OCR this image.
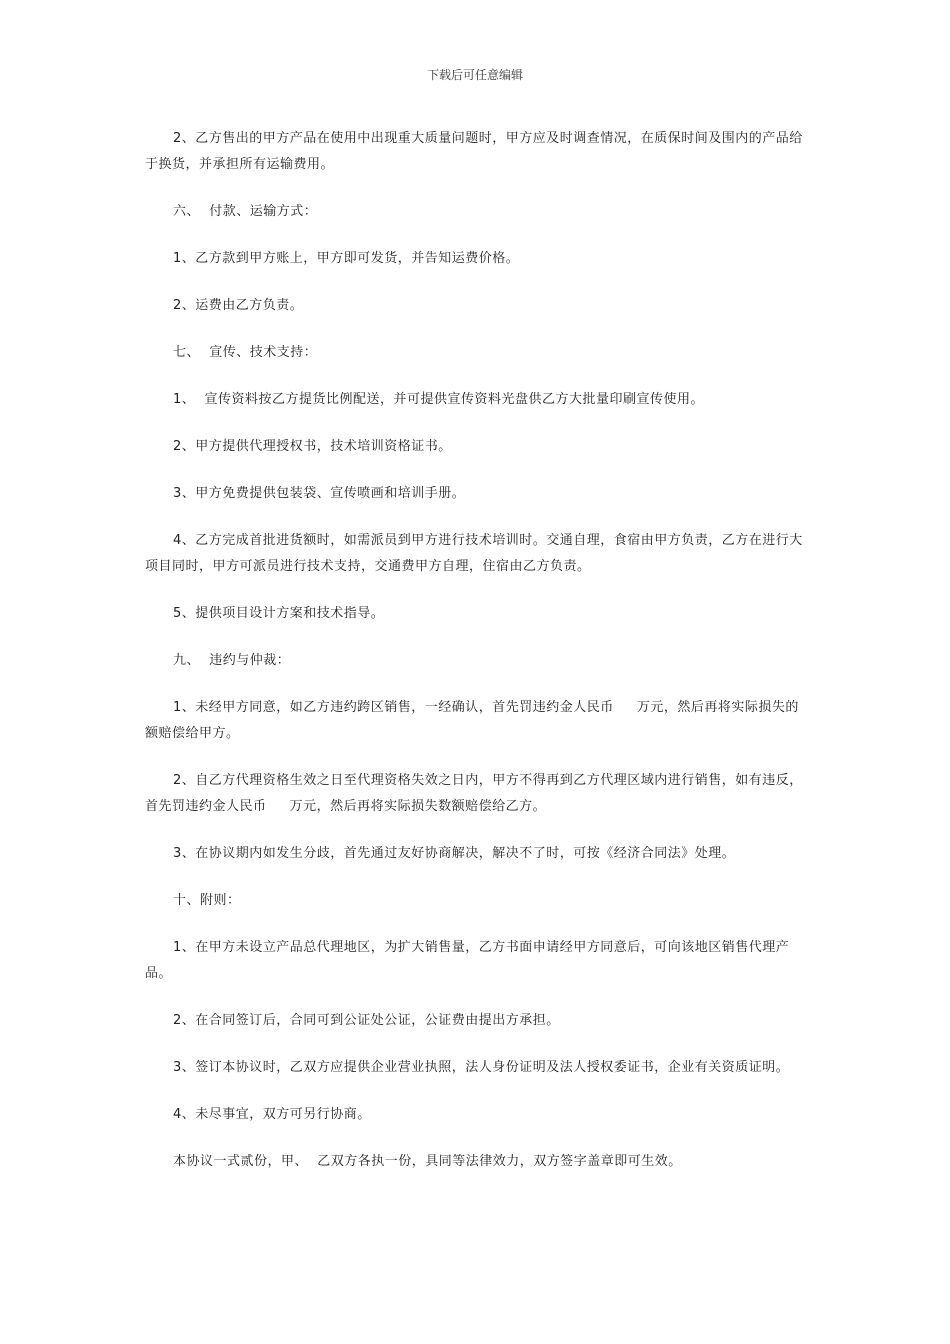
下载后可任意编辑

2、乙方售出的甲方产品在使用中出现重大质量问题时，甲方应及时调查情况，在质保时间及围内的产品给于换货，并承担所有运输费用。

六、  付款、运输方式：

1、乙方款到甲方账上，甲方即可发货，并告知运费价格。

2、运费由乙方负责。

七、  宣传、技术支持：

1、  宣传资料按乙方提货比例配送，并可提供宣传资料光盘供乙方大批量印刷宣传使用。

2、甲方提供代理授权书，技术培训资格证书。

3、甲方免费提供包装袋、宣传喷画和培训手册。

4、乙方完成首批进货额时，如需派员到甲方进行技术培训时。交通自理，食宿由甲方负责，乙方在进行大项目同时，甲方可派员进行技术支持，交通费甲方自理，住宿由乙方负责。

5、提供项目设计方案和技术指导。

九、  违约与仲裁：

1、未经甲方同意，如乙方违约跨区销售，一经确认，首先罚违约金人民币     万元，然后再将实际损失的额赔偿给甲方。

2、自乙方代理资格生效之日至代理资格失效之日内，甲方不得再到乙方代理区域内进行销售，如有违反，首先罚违约金人民币     万元，然后再将实际损失数额赔偿给乙方。

3、在协议期内如发生分歧，首先通过友好协商解决，解决不了时，可按《经济合同法》处理。

十、附则：

1、在甲方未设立产品总代理地区，为扩大销售量，乙方书面申请经甲方同意后，可向该地区销售代理产品。

2、在合同签订后，合同可到公证处公证，公证费由提出方承担。

3、签订本协议时，乙双方应提供企业营业执照，法人身份证明及法人授权委证书，企业有关资质证明。

4、未尽事宜，双方可另行协商。

本协议一式贰份，甲、  乙双方各执一份，具同等法律效力，双方签字盖章即可生效。
